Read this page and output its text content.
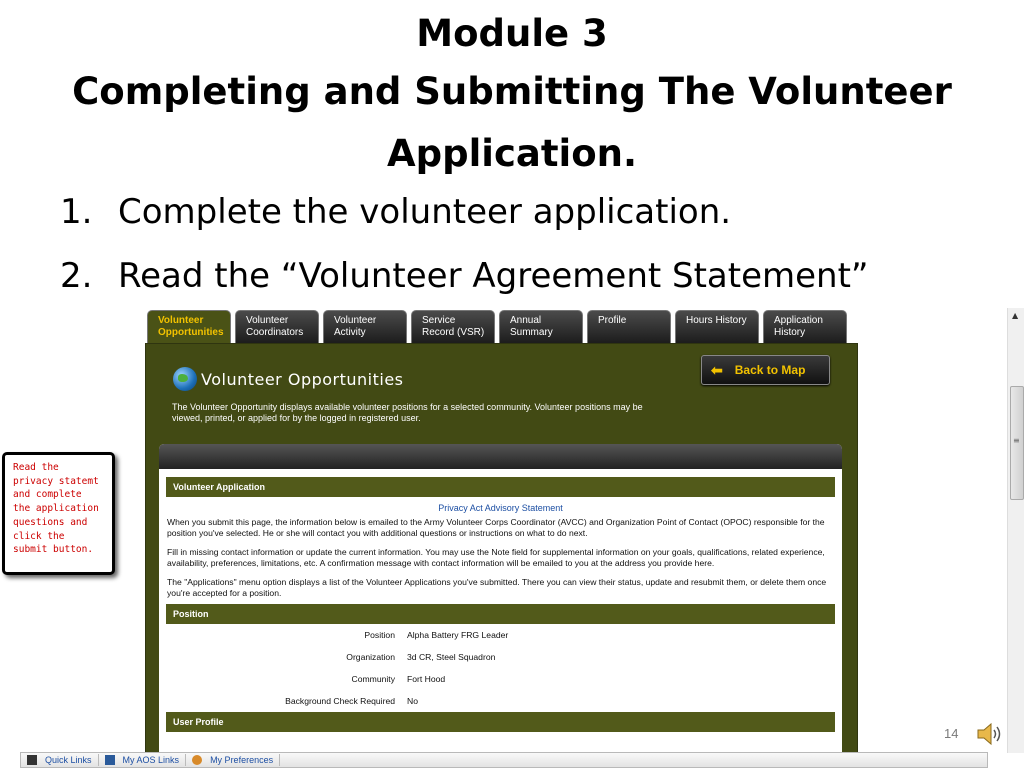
Module 3
Completing and Submitting The Volunteer
Application.
1. Complete the volunteer application.
2. Read the “Volunteer Agreement Statement”
Volunteer
Opportunities
Volunteer
Coordinators
Volunteer
Activity
Service
Record (VSR)
Annual
Summary
Profile	Hours History	Application
History
Volunteer Opportunities	⬅ Back to Map
The Volunteer Opportunity displays available volunteer positions for a selected community. Volunteer positions may be viewed, printed, or applied for by the logged in registered user.
Volunteer Application
Privacy Act Advisory Statement
When you submit this page, the information below is emailed to the Army Volunteer Corps Coordinator (AVCC) and Organization Point of Contact (OPOC) responsible for the position you've selected. He or she will contact you with additional questions or instructions on what to do next.
Fill in missing contact information or update the current information. You may use the Note field for supplemental information on your goals, qualifications, related experience, availability, preferences, limitations, etc. A confirmation message with contact information will be emailed to you at the address you provide here.
The "Applications" menu option displays a list of the Volunteer Applications you've submitted. There you can view their status, update and resubmit them, or delete them once you're accepted for a position.
Position
Position Alpha Battery FRG Leader
Organization 3d CR, Steel Squadron
Community Fort Hood
Background Check Required No
User Profile
Read the
privacy statemt
and complete
the application
questions and
click the
submit button.
▲
≡
14
Quick Links	My AOS Links	My Preferences
